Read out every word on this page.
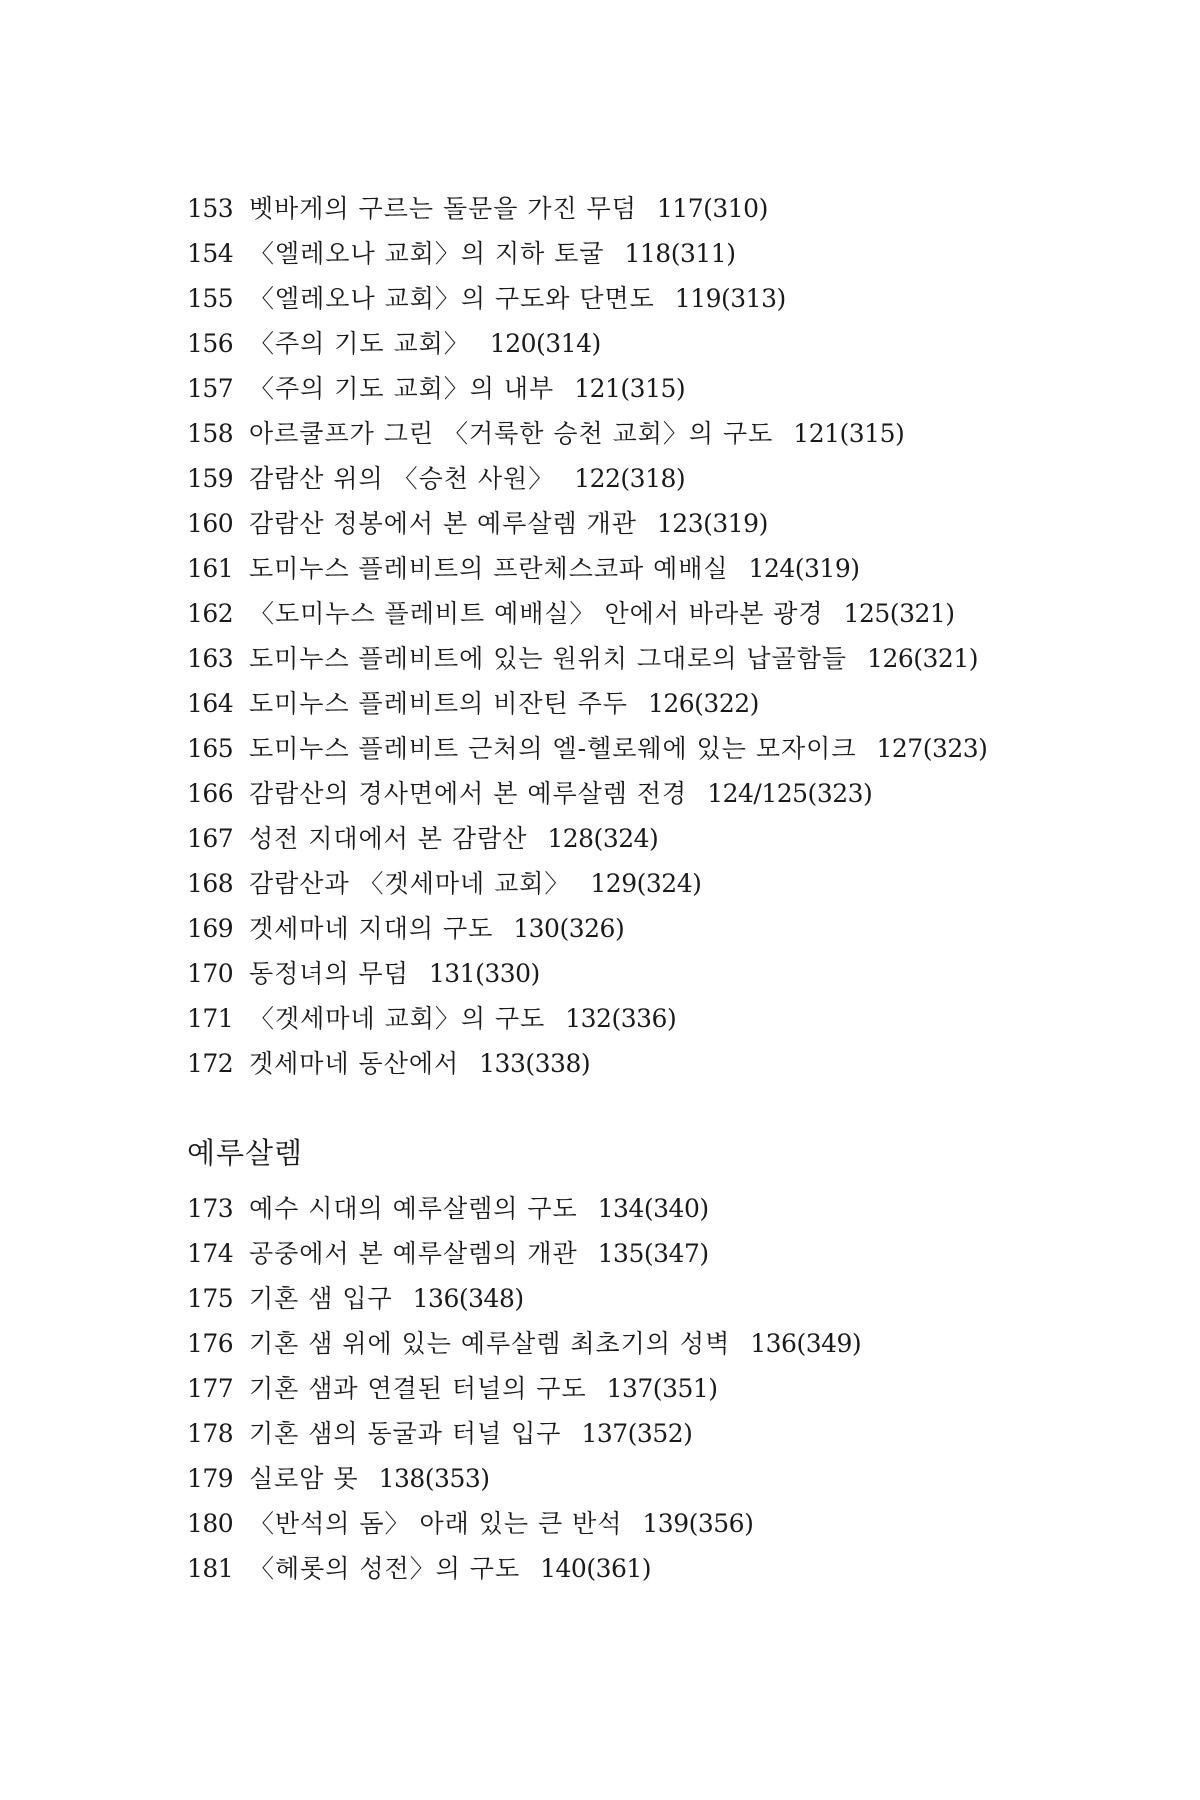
153 벳바게의 구르는 돌문을 가진 무덤 117(310)
154 〈엘레오나 교회〉의 지하 토굴 118(311)
155 〈엘레오나 교회〉의 구도와 단면도 119(313)
156 〈주의 기도 교회〉 120(314)
157 〈주의 기도 교회〉의 내부 121(315)
158 아르쿨프가 그린 〈거룩한 승천 교회〉의 구도 121(315)
159 감람산 위의 〈승천 사원〉 122(318)
160 감람산 정봉에서 본 예루살렘 개관 123(319)
161 도미누스 플레비트의 프란체스코파 예배실 124(319)
162 〈도미누스 플레비트 예배실〉 안에서 바라본 광경 125(321)
163 도미누스 플레비트에 있는 원위치 그대로의 납골함들 126(321)
164 도미누스 플레비트의 비잔틴 주두 126(322)
165 도미누스 플레비트 근처의 엘-헬로웨에 있는 모자이크 127(323)
166 감람산의 경사면에서 본 예루살렘 전경 124/125(323)
167 성전 지대에서 본 감람산 128(324)
168 감람산과 〈겟세마네 교회〉 129(324)
169 겟세마네 지대의 구도 130(326)
170 동정녀의 무덤 131(330)
171 〈겟세마네 교회〉의 구도 132(336)
172 겟세마네 동산에서 133(338)
예루살렘
173 예수 시대의 예루살렘의 구도 134(340)
174 공중에서 본 예루살렘의 개관 135(347)
175 기혼 샘 입구 136(348)
176 기혼 샘 위에 있는 예루살렘 최초기의 성벽 136(349)
177 기혼 샘과 연결된 터널의 구도 137(351)
178 기혼 샘의 동굴과 터널 입구 137(352)
179 실로암 못 138(353)
180 〈반석의 돔〉 아래 있는 큰 반석 139(356)
181 〈헤롯의 성전〉의 구도 140(361)
